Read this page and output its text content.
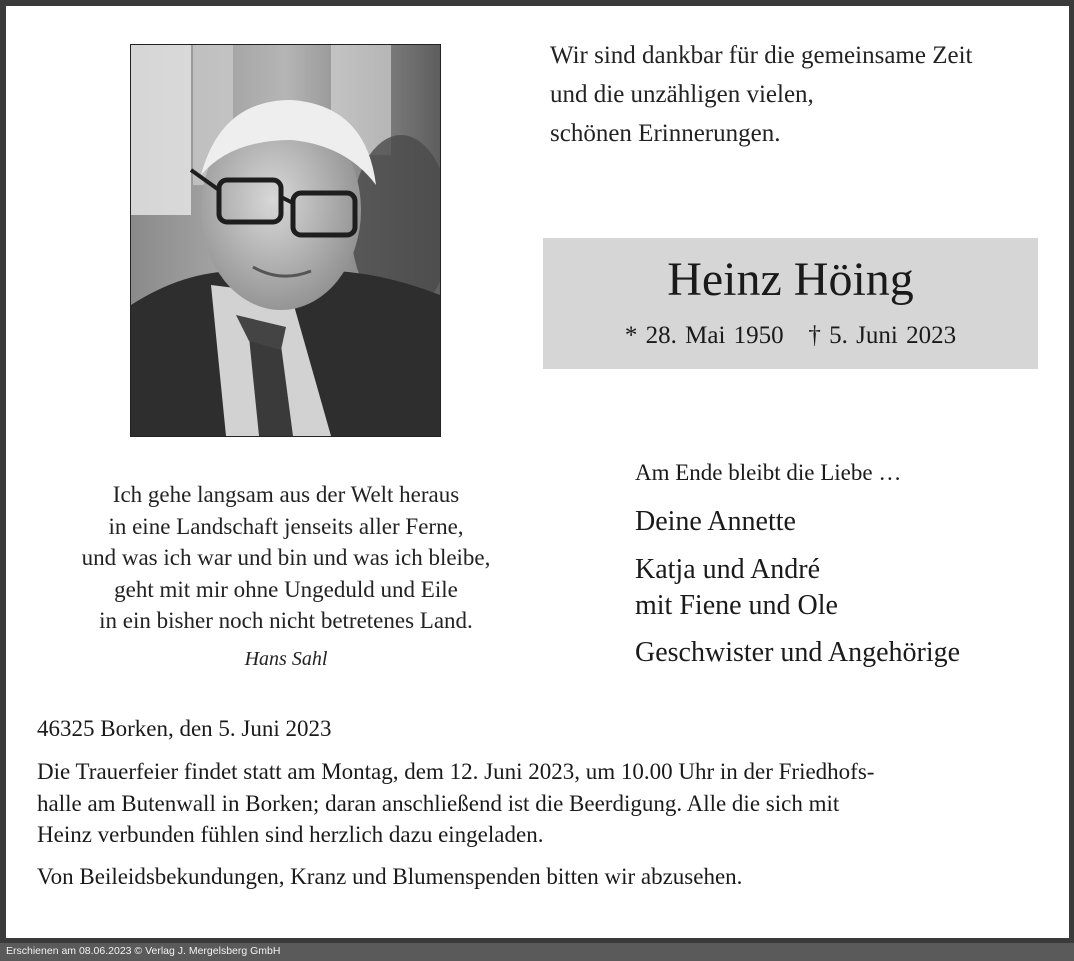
Wir sind dankbar für die gemeinsame Zeit
und die unzähligen vielen,
schönen Erinnerungen.
Heinz Höing
* 28. Mai 1950 † 5. Juni 2023
Ich gehe langsam aus der Welt heraus
in eine Landschaft jenseits aller Ferne,
und was ich war und bin und was ich bleibe,
geht mit mir ohne Ungeduld und Eile
in ein bisher noch nicht betretenes Land.
Hans Sahl
Am Ende bleibt die Liebe …
Deine Annette
Katja und André
mit Fiene und Ole
Geschwister und Angehörige
46325 Borken, den 5. Juni 2023
Die Trauerfeier findet statt am Montag, dem 12. Juni 2023, um 10.00 Uhr in der Friedhofs-
halle am Butenwall in Borken; daran anschließend ist die Beerdigung. Alle die sich mit
Heinz verbunden fühlen sind herzlich dazu eingeladen.
Von Beileidsbekundungen, Kranz und Blumenspenden bitten wir abzusehen.
Erschienen am 08.06.2023 © Verlag J. Mergelsberg GmbH
